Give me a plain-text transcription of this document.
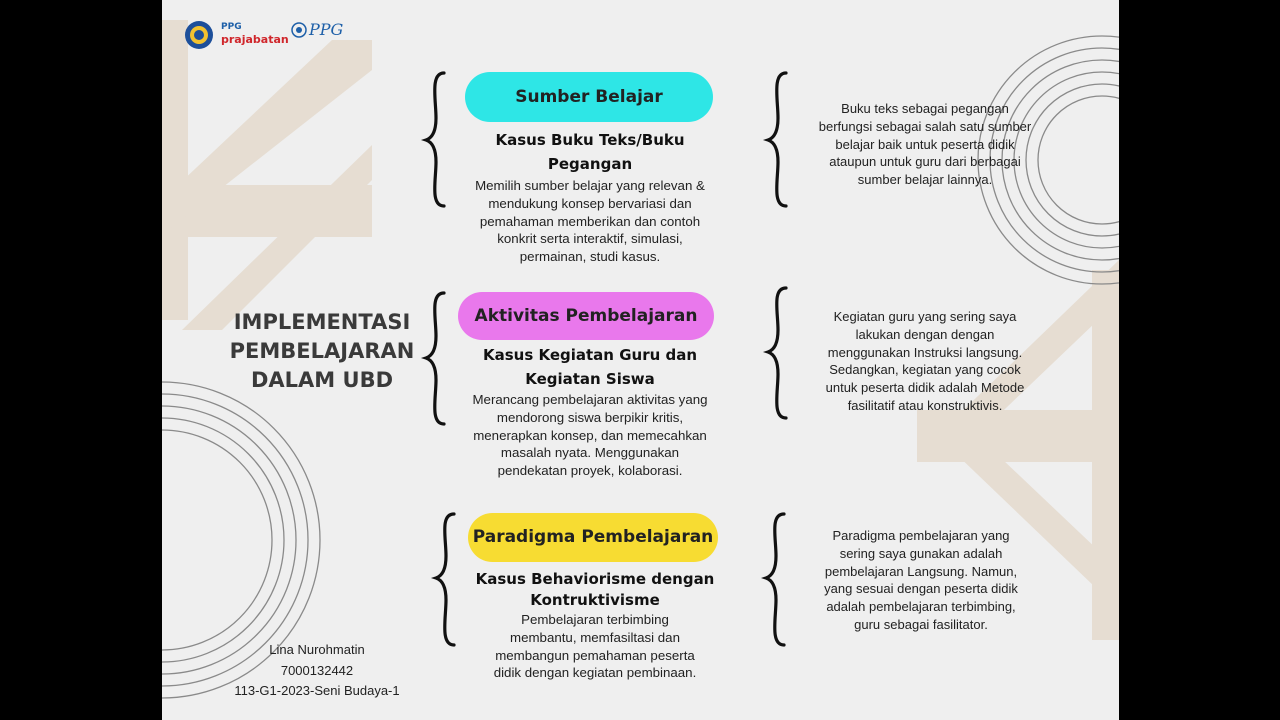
PPG
prajabatan
PPG
IMPLEMENTASI
PEMBELAJARAN
DALAM UBD
Sumber Belajar
Kasus Buku Teks/Buku
Pegangan
Memilih sumber belajar yang relevan &
mendukung konsep bervariasi dan
pemahaman memberikan dan contoh
konkrit serta interaktif, simulasi,
permainan, studi kasus.
Buku teks sebagai pegangan
berfungsi sebagai salah satu sumber
belajar baik untuk peserta didik
ataupun untuk guru dari berbagai
sumber belajar lainnya.
Aktivitas Pembelajaran
Kasus Kegiatan Guru dan
Kegiatan Siswa
Merancang pembelajaran aktivitas yang
mendorong siswa berpikir kritis,
menerapkan konsep, dan memecahkan
masalah nyata. Menggunakan
pendekatan proyek, kolaborasi.
Kegiatan guru yang sering saya
lakukan dengan dengan
menggunakan Instruksi langsung.
Sedangkan, kegiatan yang cocok
untuk peserta didik adalah Metode
fasilitatif atau konstruktivis.
Paradigma Pembelajaran
Kasus Behaviorisme dengan
Kontruktivisme
Pembelajaran terbimbing
membantu, memfasiltasi dan
membangun pemahaman peserta
didik dengan kegiatan pembinaan.
Paradigma pembelajaran yang
sering saya gunakan adalah
pembelajaran Langsung. Namun,
yang sesuai dengan peserta didik
adalah pembelajaran terbimbing,
guru sebagai fasilitator.
Lina Nurohmatin
7000132442
113-G1-2023-Seni Budaya-1
